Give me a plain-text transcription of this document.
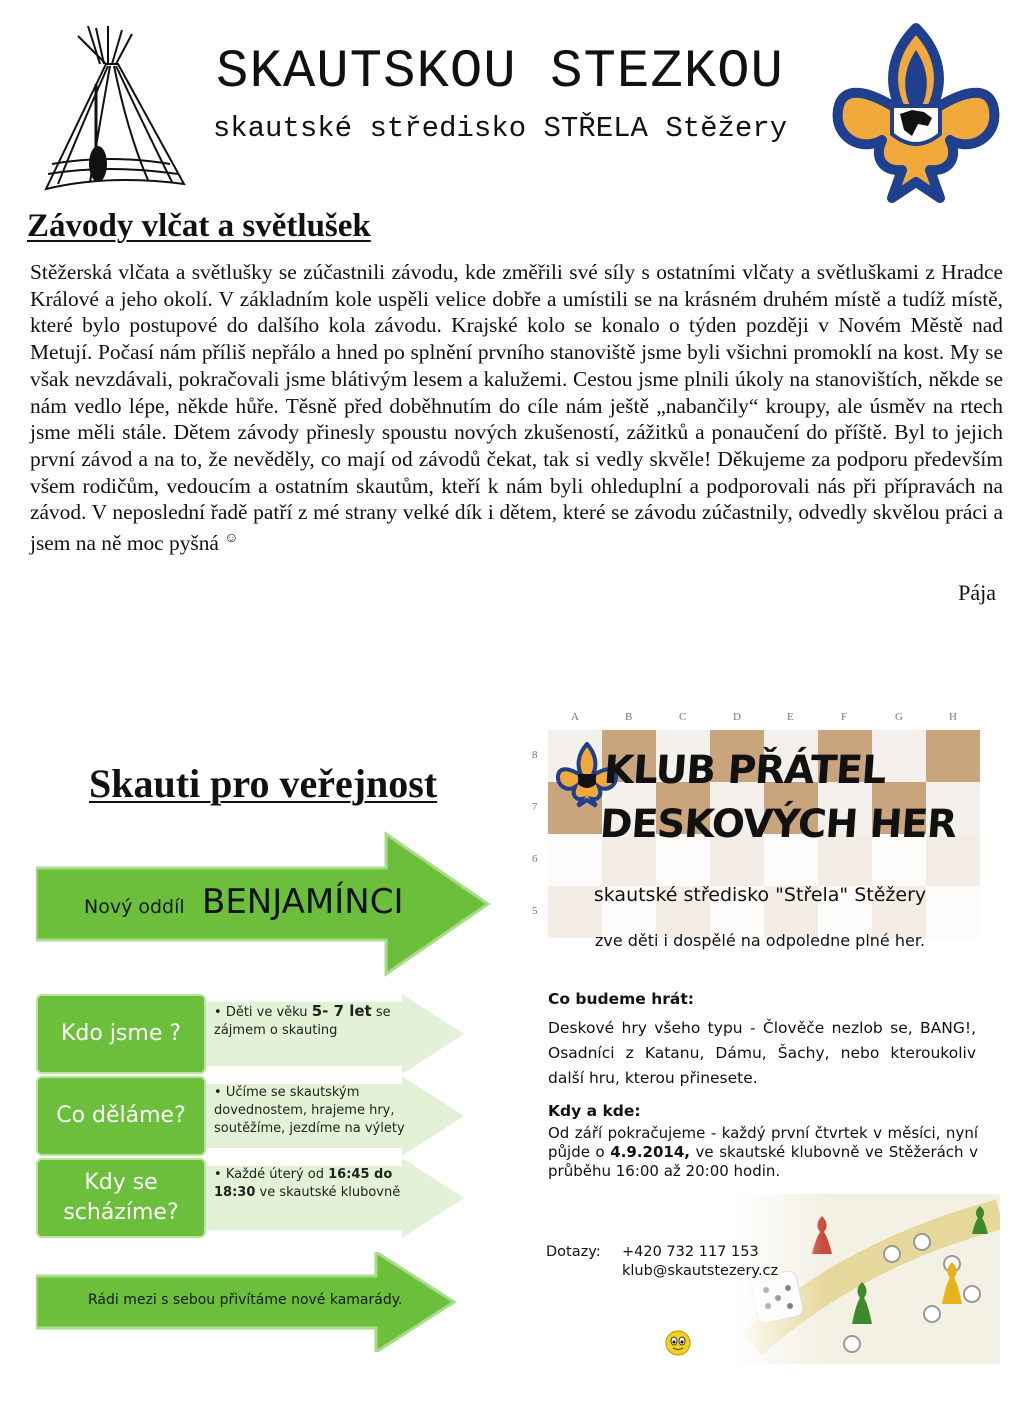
SKAUTSKOU STEZKOU
skautské středisko STŘELA Stěžery
Závody vlčat a světlušek
Stěžerská vlčata a světlušky se zúčastnili závodu, kde změřili své síly s ostatními vlčaty a světluškami z Hradce Králové a jeho okolí. V základním kole uspěli velice dobře a umístili se na krásném druhém místě a tudíž místě, které bylo postupové do dalšího kola závodu. Krajské kolo se konalo o týden později v Novém Městě nad Metují. Počasí nám příliš nepřálo a hned po splnění prvního stanoviště jsme byli všichni promoklí na kost. My se však nevzdávali, pokračovali jsme blátivým lesem a kalužemi. Cestou jsme plnili úkoly na stanovištích, někde se nám vedlo lépe, někde hůře. Těsně před doběhnutím do cíle nám ještě „nabančily“ kroupy, ale úsměv na rtech jsme měli stále. Dětem závody přinesly spoustu nových zkušeností, zážitků a ponaučení do příště. Byl to jejich první závod a na to, že nevěděly, co mají od závodů čekat, tak si vedly skvěle! Děkujeme za podporu především všem rodičům, vedoucím a ostatním skautům, kteří k nám byli ohleduplní a podporovali nás při přípravách na závod. V neposlední řadě patří z mé strany velké dík i dětem, které se závodu zúčastnily, odvedly skvělou práci a jsem na ně moc pyšná ☺
Pája
Skauti pro veřejnost
Nový oddíl BENJAMÍNCI
Kdo jsme ?
• Děti ve věku 5- 7 let se zájmem o skauting
Co děláme?
• Učíme se skautským dovednostem, hrajeme hry, soutěžíme, jezdíme na výlety
Kdy se scházíme?
• Každé úterý od 16:45 do 18:30 ve skautské klubovně
Rádi mezi s sebou přivítáme nové kamarády.
A	B	C	D	E	F	G	H
8
7
6
5
KLUB PŘÁTEL
DESKOVÝCH HER
skautské středisko "Střela" Stěžery
zve děti i dospělé na odpoledne plné her.
Co budeme hrát:
Deskové hry všeho typu - Člověče nezlob se, BANG!, Osadníci z Katanu, Dámu, Šachy, nebo kteroukoliv další hru, kterou přinesete.
Kdy a kde:
Od září pokračujeme - každý první čtvrtek v měsíci, nyní půjde o 4.9.2014, ve skautské klubovně ve Stěžerách v průběhu 16:00 až 20:00 hodin.
Dotazy: +420 732 117 153
klub@skautstezery.cz
